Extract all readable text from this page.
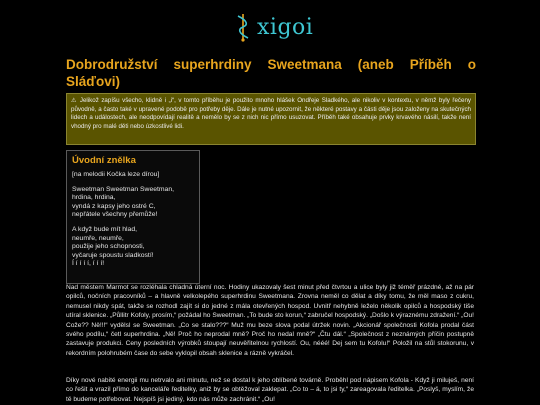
xigoi
Dobrodružství superhrdiny Sweetmana (aneb Příběh o
Sláďovi)
⚠ Jelikož zapíšu všecho, klidně i „i“, v tomto příběhu je použito mnoho hlášek Ondřeje Sladkého, ale nikoliv v kontextu, v němž byly řečeny původně, a často také v upravené podobě pro potřeby děje. Dále je nutné upozornit, že některé postavy a části děje jsou založeny na skutečných lidech a událostech, ale neodpovídají realitě a nemělo by se z nich nic přímo usuzovat. Příběh také obsahuje prvky krvavého násilí, takže není vhodný pro malé děti nebo úzkostlivé lidi.

Úvodní znělka

[na melodii Kočka leze dírou]
Sweetman Sweetman Sweetman,
hrdina, hrdina,
vyndá z kapsy jeho ostré C,
nepřátele všechny přemůže!
A když bude mít hlad,
neumře, neumře,
použije jeho schopnosti,
vyčaruje spoustu sladkostí!
Í í í í í, í í í!

Nad městem Marmot se rozléhala chladná úterní noc. Hodiny ukazovaly šest minut před čtvrtou a ulice byly již téměř prázdné, až na pár opilců, nočních pracovníků – a hlavně velkolepého superhrdinu Sweetmana. Zrovna neměl co dělat a díky tomu, že měl maso z cukru, nemusel nikdy spát, takže se rozhodl zajít si do jedné z mála otevřených hospod. Uvnitř nehybně leželo několik opilců a hospodský tiše utíral sklenice. „Půllitr Kofoly, prosím,“ požádal ho Sweetman. „To bude sto korun,“ zabručel hospodský. „Došlo k výraznému zdražení.“ „Ou! Cože?? Ně!!!“ vydělsl se Sweetman. „Co se stalo???“ Muž mu beze slova podal útržek novin. „Akcionář společnosti Kofola prodal část svého podílu,“ četl superhrdina. „Ně! Proč ho neprodal mně? Proč ho nedal mně?“ „Čtu dál.“ „Společnost z neznámých příčin postupně zastavuje produkci. Ceny posledních výrobků stoupají neuvěřitelnou rychlostí. Ou, nééé! Dej sem tu Kofolu!“ Položil na stůl stokorunu, v rekordním polohrubém čase do sebe vyklopil obsah sklenice a rázně vykráčel.

Díky nové nabité energii mu netrvalo ani minutu, než se dostal k jeho oblíbené továrně. Proběhl pod nápisem Kofola - Když ji miluješ, není co řešit a vrazil přímo do kanceláře ředitelky, aniž by se obtěžoval zaklepat. „Co to – á, to jsi ty,“ zareagovala ředitelka. „Poslyš, myslím, že tě budeme potřebovat. Nejspíš jsi jediný, kdo nás může zachránit.“ „Ou!
